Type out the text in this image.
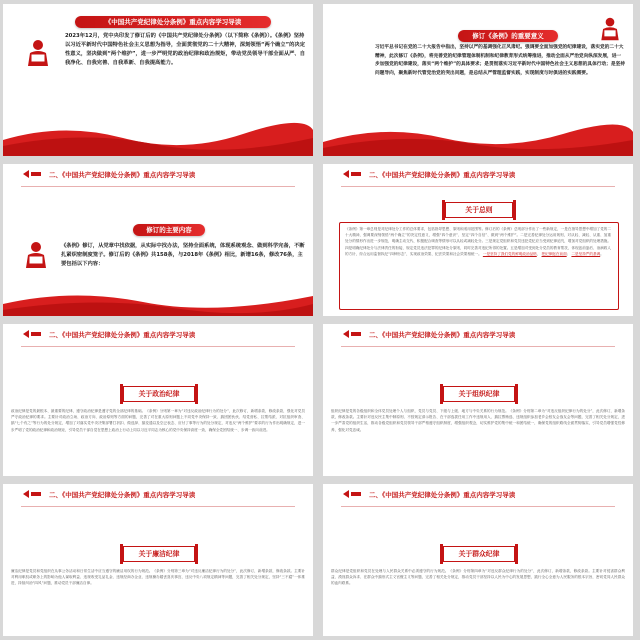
《中国共产党纪律处分条例》重点内容学习导读
2023年12月，党中央印发了修订后的《中国共产党纪律处分条例》（以下简称《条例》）。《条例》坚持以习近平新时代中国特色社会主义思想为指导，全面贯彻党的二十大精神，深刻领悟“两个确立”的决定性意义，坚决做到“两个维护”，进一步严明党的政治纪律和政治规矩，带动党员领导干部全面从严、自我净化、自我完善、自我革新、自我提高能力。
修订《条例》的重要意义
习近平总书记在党的二十大报告中指出，坚持以严的基调强化正风肃纪。强调要全面加强党的纪律建设，落实党的二十大精神，此次修订《条例》，将完善党的纪律管理体制机制和纪律教育形式统筹推进，推动全面从严治党向纵深发展，进一步加强党的纪律建设，落实“两个维护”的具体要求；是贯彻落实习近平新时代中国特色社会主义思想的具体行动；是坚持问题导向，聚焦新时代管党治党的突出问题，是总结从严管理监督实践，实现制度与时俱进的实践需要。
二、《中国共产党纪律处分条例》重点内容学习导读
修订的主要内容
《条例》修订，从党章中找依据，从实际中找办法，坚持全面系统，体现系统观念、做到科学完备，不断扎紧织密制度笼子。修订后的《条例》共158条，与2018年《条例》相比，新增16条，修改76条，主要包括以下内容：
二、《中国共产党纪律处分条例》重点内容学习导读
关于总则
《条例》第一章总则是对纪律处分工作的总体要求，包括指导思想、原则和适用范围等。修订后的《条例》总则部分作出了一些新规定，一是在指导思想中增加了党的二十大精神，强调要深刻领悟“两个确立”的决定性意义，增强“四个意识”、坚定“四个自信”、做到“两个维护”。二是完善纪律处分运用规则，对从轻、减轻、从重、加重处分的情形作出进一步规范，明确主动交代、积极配合调查等情形可以从轻或减轻处分。三是规定党组织和党员违犯党纪应当受到纪律追究，增加对党组织的处理措施。四是明确纪律处分与法律责任的衔接，规定党员违法犯罪的纪律处分原则，同时完善对违纪所得的处置。五是增加对受到处分党员的教育帮扶，体现惩前毖后、治病救人的方针，综合运用监督执纪“四种形态”，实现政治效果、纪法效果和社会效果相统一。 一是坚持了我们党的鲜明政治品格， 把纪律挺在前面； 二是坚持严的基调。
二、《中国共产党纪律处分条例》重点内容学习导读
关于政治纪律
政治纪律是党的最根本、最重要的纪律，遵守政治纪律是遵守党的全部纪律的基础。《条例》分则第一章为“对违反政治纪律行为的处分”，此次修订，新增条款，修改条款，强化对党员严守政治纪律的要求。主要针对政治立场、政治方向、政治原则等方面的问题，完善了对在重大原则问题上不同党中央保持一致、搞团团伙伙、结党营私、拉帮结派、对抗组织审查、搞“七个有之”等行为的处分规定，增加了对落实党中央决策部署打折扣、做选择、搞变通以及空泛表态、应付了事等行为的处分规定，对违反“两个维护”要求的行为作出明确规定，进一步严明了党的政治纪律和政治规矩，引导党员干部自觉在思想上政治上行动上同以习近平同志为核心的党中央保持高度一致，确保全党团结统一、步调一致向前进。
二、《中国共产党纪律处分条例》重点内容学习导读
关于组织纪律
组织纪律是党的各级组织和全体党员处理个人与组织、党员与党员、下级与上级、地方与中央关系的行为规范。《条例》分则第二章为“对违反组织纪律行为的处分”，此次修订，新增条款，修改条款。主要针对违反民主集中制原则、不按规定请示报告、在干部选拔任用工作中违规用人、搞拉票贿选、违规组织参加老乡会校友会战友会等问题，完善了相关处分规定，进一步严肃党的组织生活，推动各级党组织和党员领导干部严格遵守组织制度，增强组织观念，切实维护党的集中统一和团结统一，确保党的组织路线全面贯彻落实，引导党员增强党性修养，强化对党忠诚。
二、《中国共产党纪律处分条例》重点内容学习导读
关于廉洁纪律
廉洁纪律是党员和党组织在从事公务活动和日常生活中应当遵守的廉洁用权的行为规范。《条例》分则第三章为“对违反廉洁纪律行为的处分”，此次修订，新增条款，修改条款。主要针对利用职权或职务上的影响为他人谋取利益、违规收受礼品礼金、违规经商办企业、违规操办婚丧喜庆事宜、违反中央八项规定精神等问题，完善了相关处分规定，坚持“三不腐”一体推进，持续纠治“四风”问题，推动党员干部廉洁自律。
二、《中国共产党纪律处分条例》重点内容学习导读
关于群众纪律
群众纪律是党组织和党员在处理与人民群众关系中必须遵守的行为规范。《条例》分则第四章为“对违反群众纪律行为的处分”，此次修订，新增条款，修改条款。主要针对侵害群众利益、漠视群众诉求、在群众中搞形式主义官僚主义等问题，完善了相关处分规定，推动党员干部坚持以人民为中心的发展思想，践行全心全意为人民服务的根本宗旨，密切党同人民群众的血肉联系。
